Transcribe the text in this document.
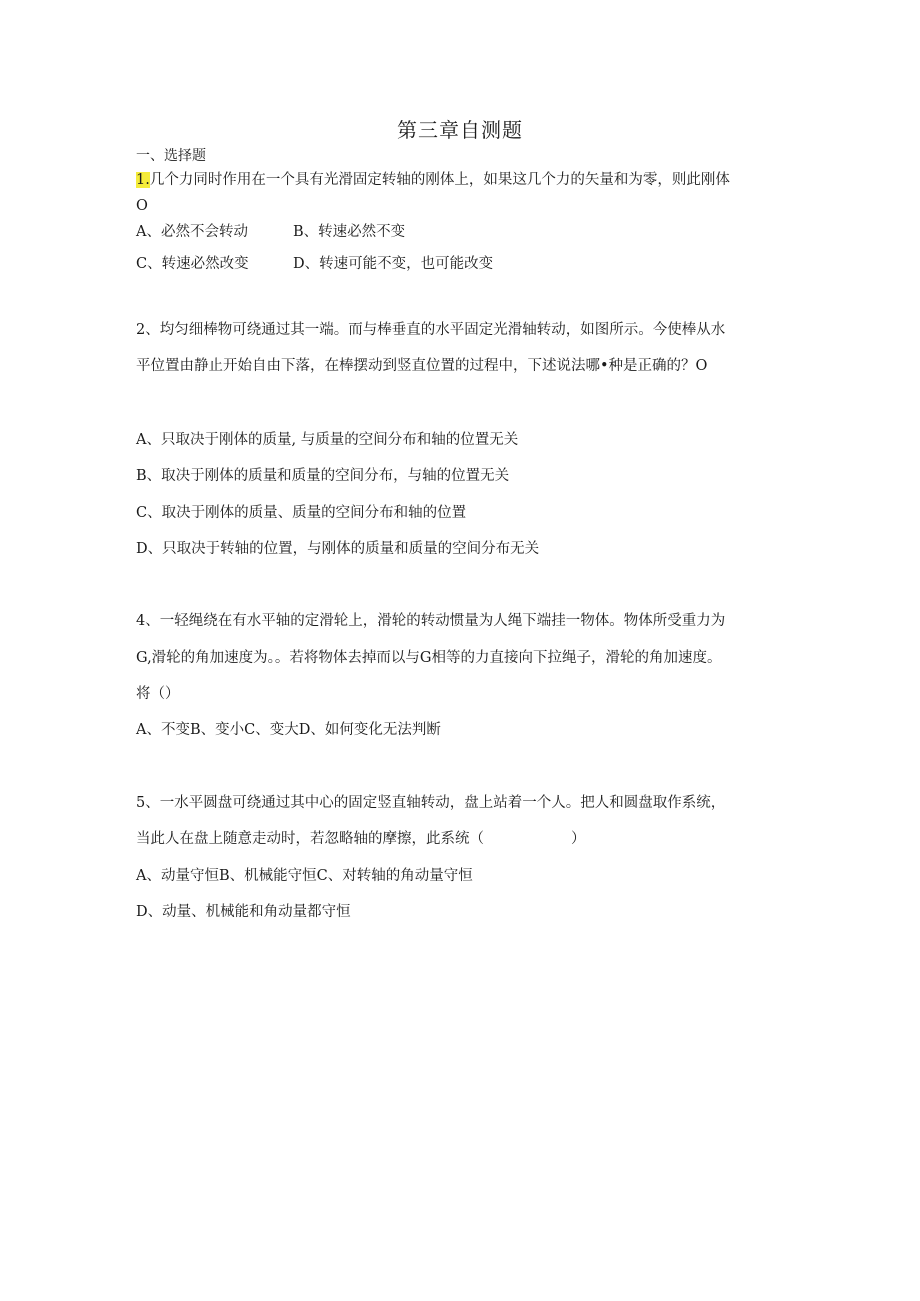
第三章自测题
一、选择题
1.几个力同时作用在一个具有光滑固定转轴的刚体上，如果这几个力的矢量和为零，则此刚体
O
A、必然不会转动	B、转速必然不变
C、转速必然改变	D、转速可能不变，也可能改变
2、均匀细棒物可绕通过其一端。而与棒垂直的水平固定光滑轴转动，如图所示。今使棒从水
平位置由静止开始自由下落，在棒摆动到竖直位置的过程中，下述说法哪•种是正确的？O
A、只取决于刚体的质量, 与质量的空间分布和轴的位置无关
B、取决于刚体的质量和质量的空间分布，与轴的位置无关
C、取决于刚体的质量、质量的空间分布和轴的位置
D、只取决于转轴的位置，与刚体的质量和质量的空间分布无关
4、一轻绳绕在有水平轴的定滑轮上，滑轮的转动惯量为人绳下端挂一物体。物体所受重力为
G,滑轮的角加速度为。。若将物体去掉而以与G相等的力直接向下拉绳子，滑轮的角加速度。
将（）
A、不变B、变小C、变大D、如何变化无法判断
5、一水平圆盘可绕通过其中心的固定竖直轴转动，盘上站着一个人。把人和圆盘取作系统，
当此人在盘上随意走动时，若忽略轴的摩擦，此系统（　　　　　　）
A、动量守恒B、机械能守恒C、对转轴的角动量守恒
D、动量、机械能和角动量都守恒
